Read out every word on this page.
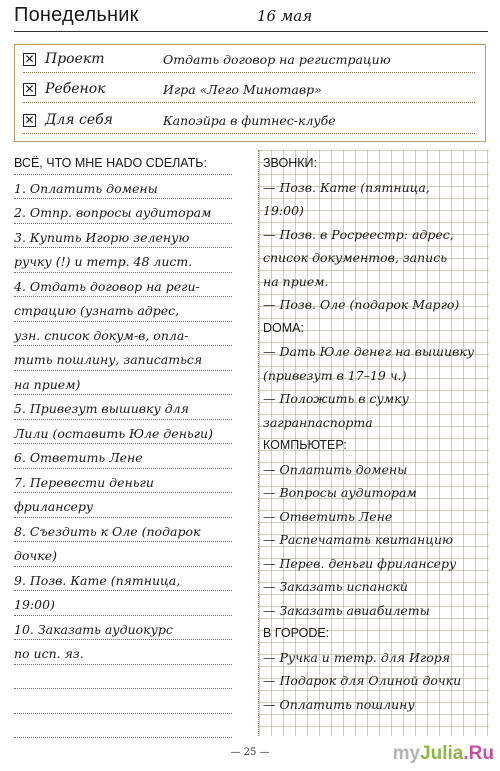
Понедельник	16 мая
✕ Проект	Отдать договор на регистрацию
✕ Ребенок	Игра «Лего Минотавр»
✕ Для себя	Капоэйра в фитнес-клубе
ВСЁ, ЧТО МНЕ НАDO СDЕЛАТЬ:
1. Оплатить домены
2. Отпр. вопросы аудиторам
3. Купить Игорю зеленую
ручку (!) и тетр. 48 лист.
4. Отдать договор на реги-
страцию (узнать адрес,
узн. список докум-в, опла-
тить пошлину, записаться
на прием)
5. Привезут вышивку для
Лили (оставить Юле деньги)
6. Ответить Лене
7. Перевести деньги
фрилансеру
8. Съездить к Оле (подарок
дочке)
9. Позв. Кате (пятница,
19:00)
10. Заказать аудиокурс
по исп. яз.
ЗВОНКИ:
— Позв. Кате (пятница,
19:00)
— Позв. в Росреестр: адрес,
список документов, запись
на прием.
— Позв. Оле (подарок Марго)
DОМА:
— Dать Юле денег на вышивку
(привезут в 17–19 ч.)
— Положить в сумку
загранпаспорта
КОМПЬЮТЕР:
— Оплатить домены
— Вопросы аудиторам
— Ответить Лене
— Распечатать квитанцию
— Перев. деньги фрилансеру
— Заказать испанскй
— Заказать авиабилеты
В ГОРОDЕ:
— Ручка и тетр. для Игоря
— Подарок для Олиной дочки
— Оплатить пошлину
— 25 —	myJulia.Ru
